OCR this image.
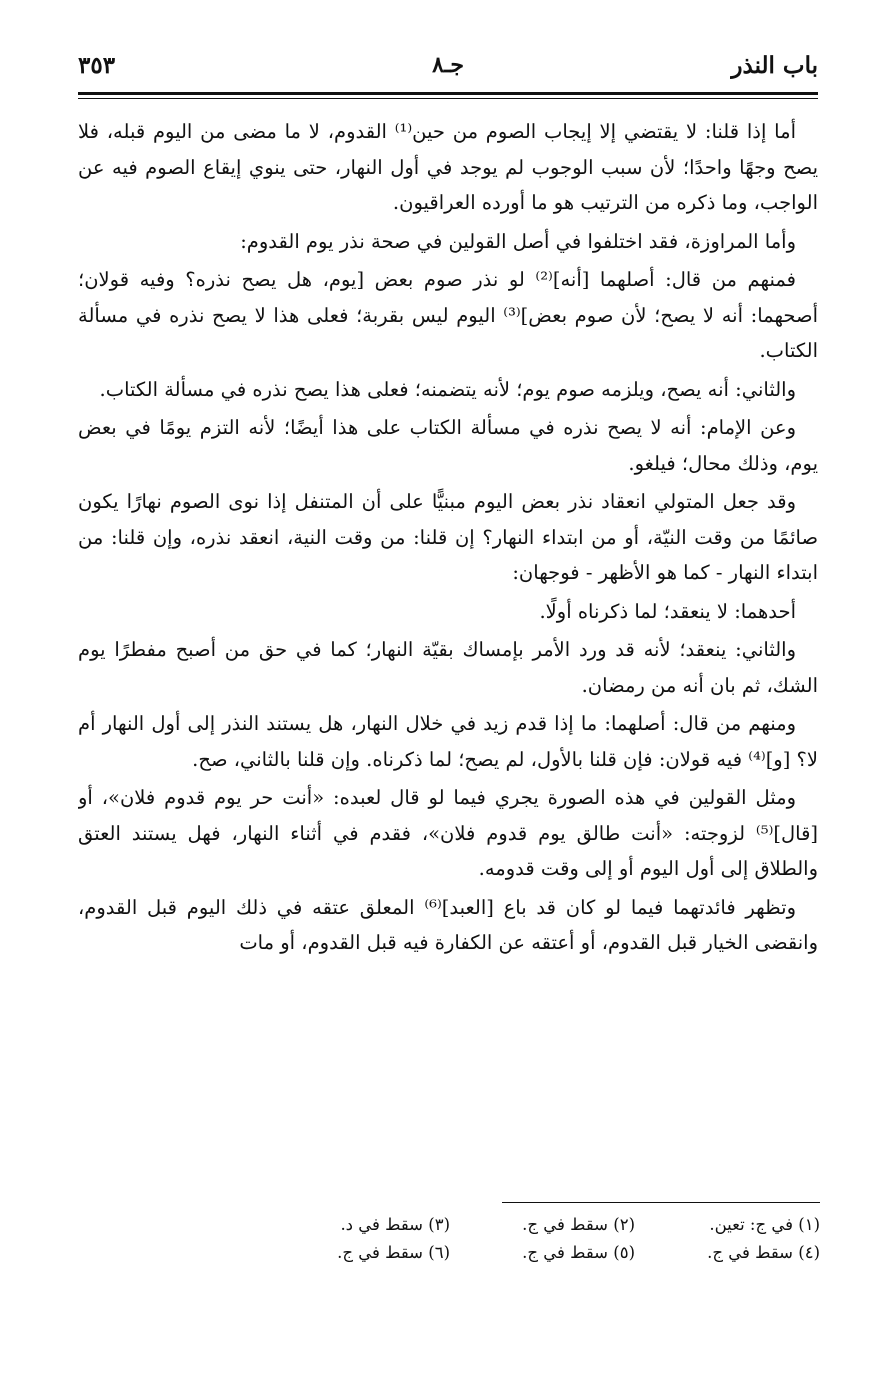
باب النذر
جـ٨
٣٥٣

أما إذا قلنا: لا يقتضي إلا إيجاب الصوم من حين⁽¹⁾ القدوم، لا ما مضى من اليوم قبله، فلا يصح وجهًا واحدًا؛ لأن سبب الوجوب لم يوجد في أول النهار، حتى ينوي إيقاع الصوم فيه عن الواجب، وما ذكره من الترتيب هو ما أورده العراقيون.

وأما المراوزة، فقد اختلفوا في أصل القولين في صحة نذر يوم القدوم:

فمنهم من قال: أصلهما [أنه]⁽²⁾ لو نذر صوم بعض [يوم، هل يصح نذره؟ وفيه قولان؛ أصحهما: أنه لا يصح؛ لأن صوم بعض]⁽³⁾ اليوم ليس بقربة؛ فعلى هذا لا يصح نذره في مسألة الكتاب.

والثاني: أنه يصح، ويلزمه صوم يوم؛ لأنه يتضمنه؛ فعلى هذا يصح نذره في مسألة الكتاب.

وعن الإمام: أنه لا يصح نذره في مسألة الكتاب على هذا أيضًا؛ لأنه التزم يومًا في بعض يوم، وذلك محال؛ فيلغو.

وقد جعل المتولي انعقاد نذر بعض اليوم مبنيًّا على أن المتنفل إذا نوى الصوم نهارًا يكون صائمًا من وقت النيّة، أو من ابتداء النهار؟ إن قلنا: من وقت النية، انعقد نذره، وإن قلنا: من ابتداء النهار - كما هو الأظهر - فوجهان:

أحدهما: لا ينعقد؛ لما ذكرناه أولًا.

والثاني: ينعقد؛ لأنه قد ورد الأمر بإمساك بقيّة النهار؛ كما في حق من أصبح مفطرًا يوم الشك، ثم بان أنه من رمضان.

ومنهم من قال: أصلهما: ما إذا قدم زيد في خلال النهار، هل يستند النذر إلى أول النهار أم لا؟ [و]⁽⁴⁾ فيه قولان: فإن قلنا بالأول، لم يصح؛ لما ذكرناه. وإن قلنا بالثاني، صح.

ومثل القولين في هذه الصورة يجري فيما لو قال لعبده: «أنت حر يوم قدوم فلان»، أو [قال]⁽⁵⁾ لزوجته: «أنت طالق يوم قدوم فلان»، فقدم في أثناء النهار، فهل يستند العتق والطلاق إلى أول اليوم أو إلى وقت قدومه.

وتظهر فائدتهما فيما لو كان قد باع [العبد]⁽⁶⁾ المعلق عتقه في ذلك اليوم قبل القدوم، وانقضى الخيار قبل القدوم، أو أعتقه عن الكفارة فيه قبل القدوم، أو مات

(١) في ج: تعين.
(٢) سقط في ج.
(٣) سقط في د.
(٤) سقط في ج.
(٥) سقط في ج.
(٦) سقط في ج.
